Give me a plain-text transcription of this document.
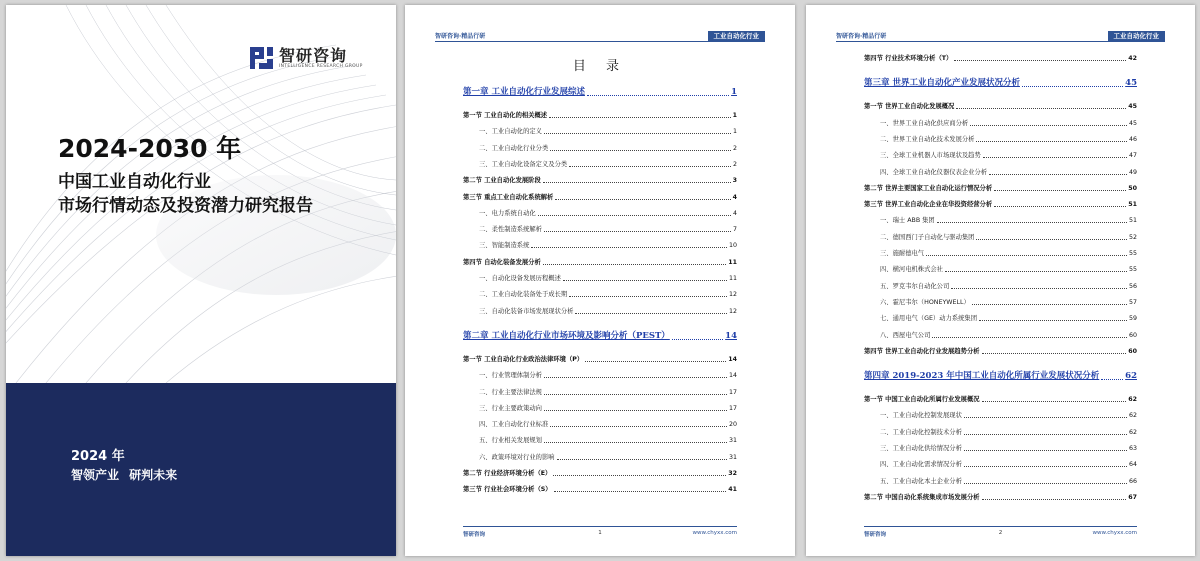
智研咨询
INTELLIGENCE RESEARCH GROUP
2024-2030 年
中国工业自动化行业
市场行情动态及投资潜力研究报告
2024 年
智领产业 研判未来
智研咨询·精品行研	工业自动化行业
目 录
第一章 工业自动化行业发展综述	1
第一节 工业自动化的相关概述	1
一、工业自动化的定义	1
二、工业自动化行业分类	2
三、工业自动化设备定义及分类	2
第二节 工业自动化发展阶段	3
第三节 重点工业自动化系统解析	4
一、电力系统自动化	4
二、柔性制造系统解析	7
三、智能制造系统	10
第四节 自动化装备发展分析	11
一、自动化设备发展历程概述	11
二、工业自动化装备处于成长期	12
三、自动化装备市场发展现状分析	12
第二章 工业自动化行业市场环境及影响分析（PEST）	14
第一节 工业自动化行业政治法律环境（P）	14
一、行业管理体制分析	14
二、行业主要法律法规	17
三、行业主要政策动向	17
四、工业自动化行业标准	20
五、行业相关发展规划	31
六、政策环境对行业的影响	31
第二节 行业经济环境分析（E）	32
第三节 行业社会环境分析（S）	41
智研咨询	1	www.chyxx.com
智研咨询·精品行研	工业自动化行业
第四节 行业技术环境分析（T）	42
第三章 世界工业自动化产业发展状况分析	45
第一节 世界工业自动化发展概况	45
一、世界工业自动化供应商分析	45
二、世界工业自动化技术发展分析	46
三、全球工业机器人市场现状及趋势	47
四、全球工业自动化仪器仪表企业分析	49
第二节 世界主要国家工业自动化运行情况分析	50
第三节 世界工业自动化企业在华投资经营分析	51
一、瑞士 ABB 集团	51
二、德国西门子自动化与驱动集团	52
三、施耐德电气	55
四、横河电机株式会社	55
五、罗克韦尔自动化公司	56
六、霍尼韦尔（HONEYWELL）	57
七、通用电气（GE）动力系统集团	59
八、西屋电气公司	60
第四节 世界工业自动化行业发展趋势分析	60
第四章 2019-2023 年中国工业自动化所属行业发展状况分析	62
第一节 中国工业自动化所属行业发展概况	62
一、工业自动化控制发展现状	62
二、工业自动化控制技术分析	62
三、工业自动化供给情况分析	63
四、工业自动化需求情况分析	64
五、工业自动化本土企业分析	66
第二节 中国自动化系统集成市场发展分析	67
智研咨询	2	www.chyxx.com
